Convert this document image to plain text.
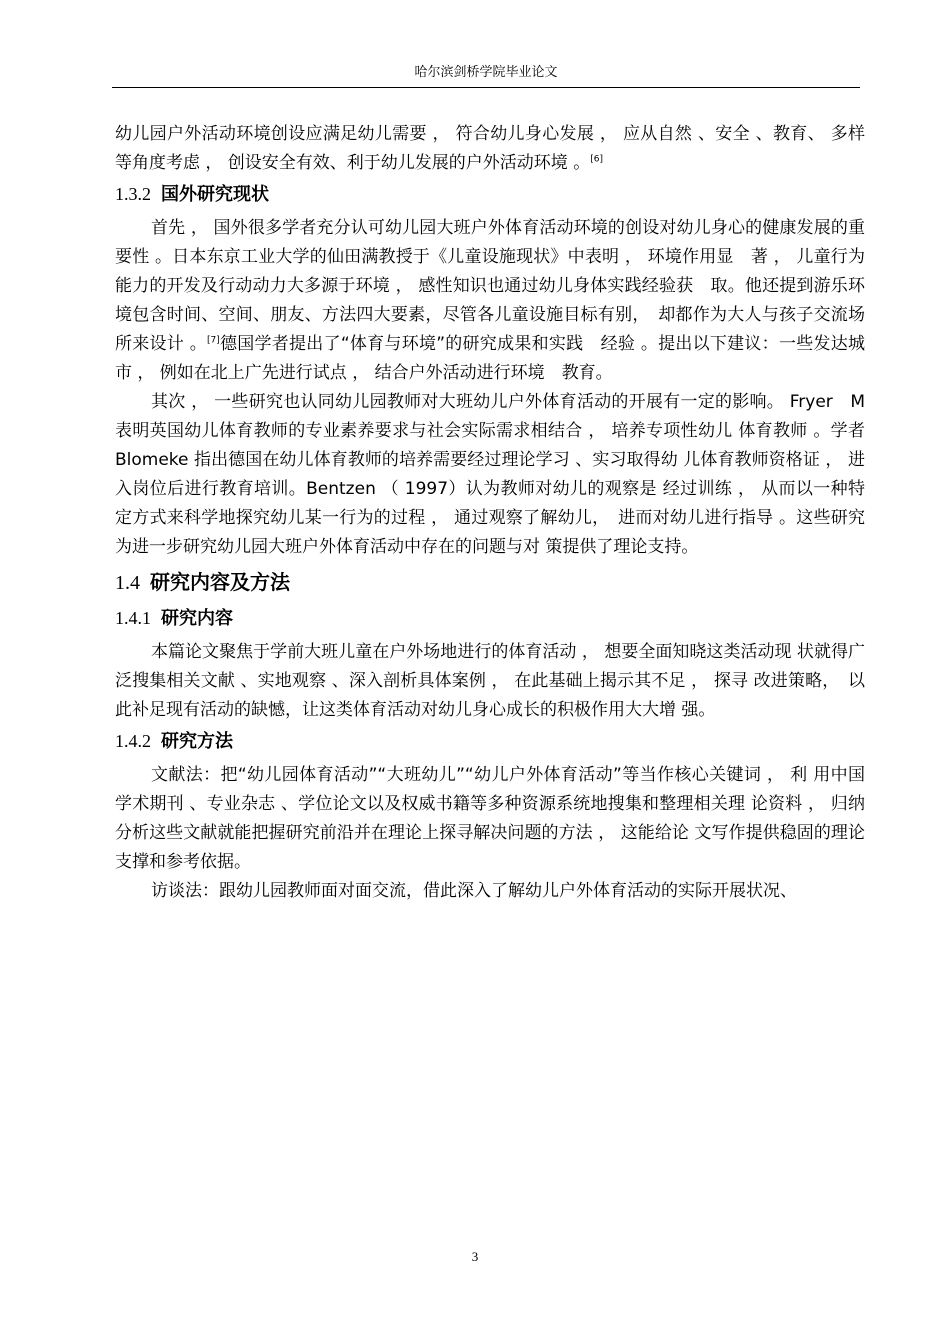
哈尔滨剑桥学院毕业论文

幼儿园户外活动环境创设应满足幼儿需要 ， 符合幼儿身心发展 ， 应从自然 、安全 、教育、 多样等角度考虑 ， 创设安全有效、利于幼儿发展的户外活动环境 。[6]

1.3.2 国外研究现状

首先 ， 国外很多学者充分认可幼儿园大班户外体育活动环境的创设对幼儿身心的健康发展的重要性 。日本东京工业大学的仙田满教授于《儿童设施现状》中表明 ， 环境作用显　著 ， 儿童行为能力的开发及行动动力大多源于环境 ， 感性知识也通过幼儿身体实践经验获　取。他还提到游乐环境包含时间、空间、朋友、方法四大要素，尽管各儿童设施目标有别，　却都作为大人与孩子交流场所来设计 。[7]德国学者提出了“体育与环境”的研究成果和实践　经验 。提出以下建议：一些发达城市 ， 例如在北上广先进行试点 ， 结合户外活动进行环境　教育。

其次 ， 一些研究也认同幼儿园教师对大班幼儿户外体育活动的开展有一定的影响。 Fryer　M 表明英国幼儿体育教师的专业素养要求与社会实际需求相结合 ， 培养专项性幼儿 体育教师 。学者 Blomeke 指出德国在幼儿体育教师的培养需要经过理论学习 、实习取得幼 儿体育教师资格证 ， 进入岗位后进行教育培训。Bentzen （ 1997）认为教师对幼儿的观察是 经过训练 ， 从而以一种特定方式来科学地探究幼儿某一行为的过程 ， 通过观察了解幼儿，　进而对幼儿进行指导 。这些研究为进一步研究幼儿园大班户外体育活动中存在的问题与对 策提供了理论支持。

1.4 研究内容及方法
1.4.1 研究内容

本篇论文聚焦于学前大班儿童在户外场地进行的体育活动 ， 想要全面知晓这类活动现 状就得广泛搜集相关文献 、实地观察 、深入剖析具体案例 ， 在此基础上揭示其不足 ， 探寻 改进策略，　以此补足现有活动的缺憾，让这类体育活动对幼儿身心成长的积极作用大大增 强。

1.4.2 研究方法

文献法：把“幼儿园体育活动”“大班幼儿”“幼儿户外体育活动”等当作核心关键词 ， 利 用中国学术期刊 、专业杂志 、学位论文以及权威书籍等多种资源系统地搜集和整理相关理 论资料 ， 归纳分析这些文献就能把握研究前沿并在理论上探寻解决问题的方法 ， 这能给论 文写作提供稳固的理论支撑和参考依据。

访谈法：跟幼儿园教师面对面交流，借此深入了解幼儿户外体育活动的实际开展状况、

3
